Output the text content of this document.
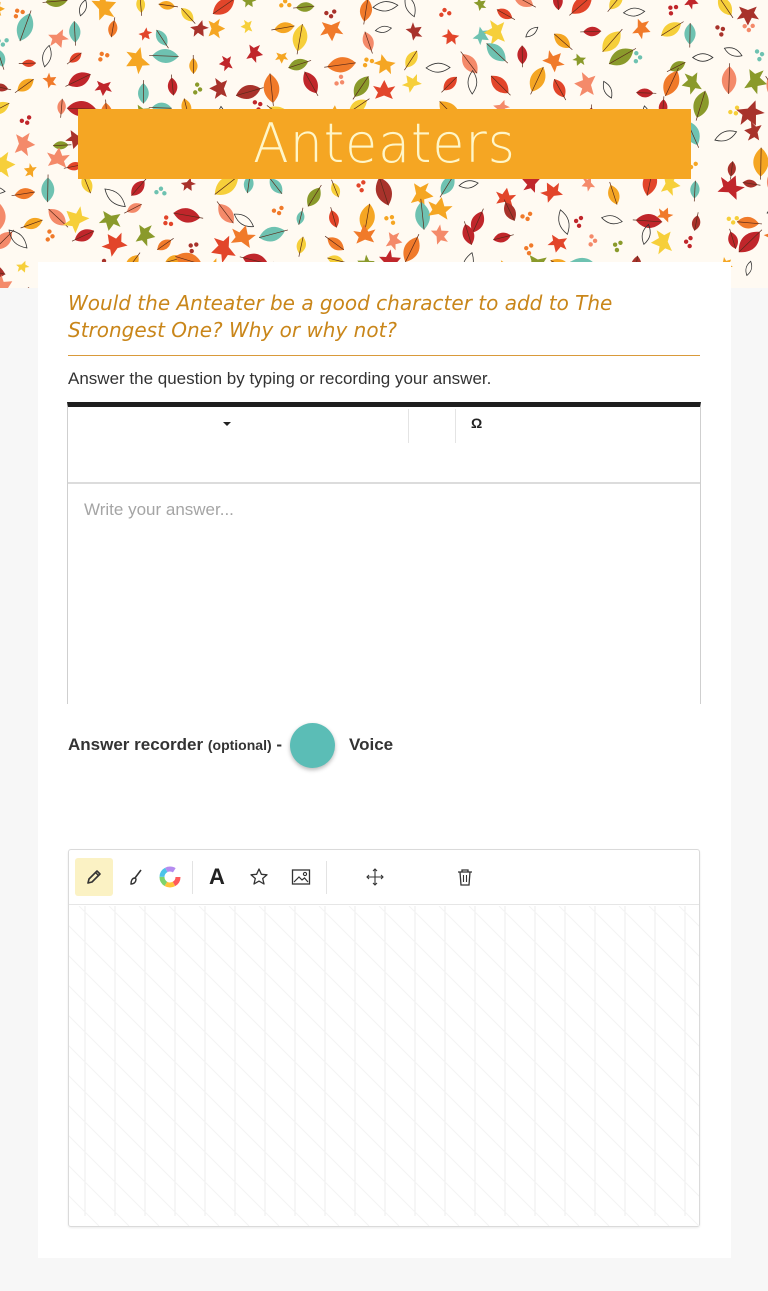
Anteaters
Would the Anteater be a good character to add to The Strongest One? Why or why not?
Answer the question by typing or recording your answer.
Ω
Write your answer...
Answer recorder (optional) -	Voice
A
